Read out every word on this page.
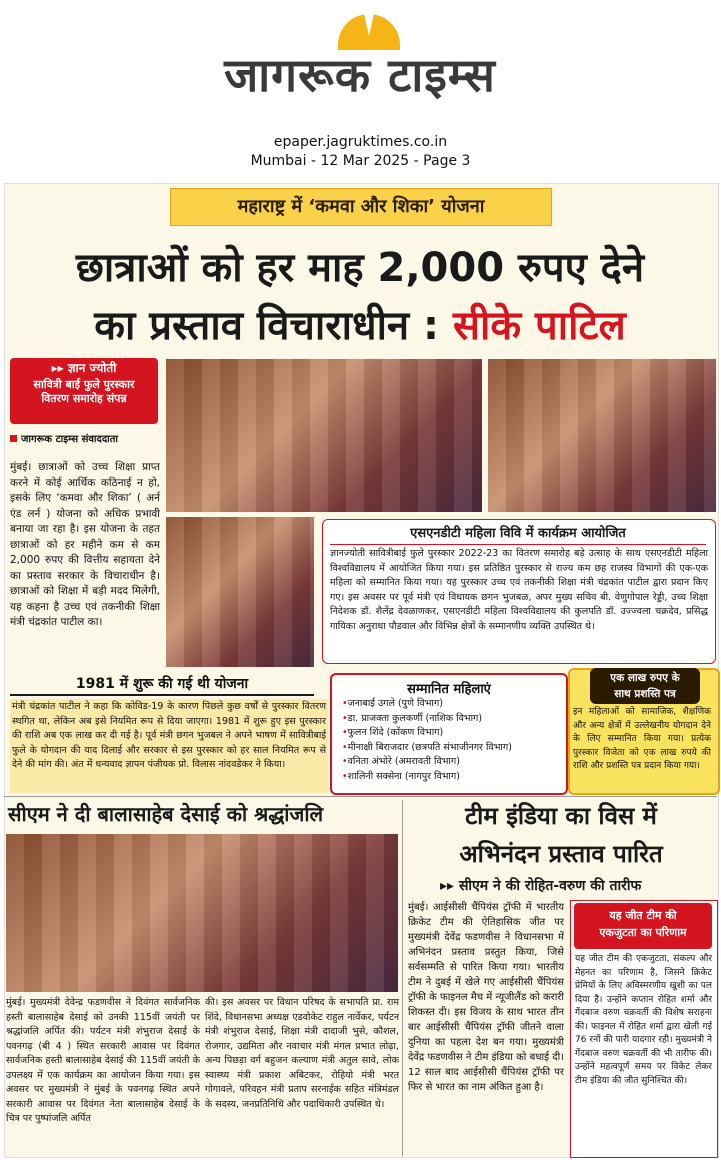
जागरूक टाइम्स
epaper.jagruktimes.co.in
Mumbai - 12 Mar 2025 - Page 3
महाराष्ट्र में ‘कमवा और शिका’ योजना
छात्राओं को हर माह 2,000 रुपए देने
का प्रस्ताव विचाराधीन : सीके पाटिल
▸▸ ज्ञान ज्योती
सावित्री बाई फुले पुरस्कार
वितरण समारोह संपन्न
जागरूक टाइम्स संवाददाता
मुंबई। छात्राओं को उच्च शिक्षा प्राप्त करने में कोई आर्थिक कठिनाई न हो, इसके लिए ‘कमवा और शिका’ ( अर्न एंड लर्न ) योजना को अधिक प्रभावी बनाया जा रहा है। इस योजना के तहत छात्राओं को हर महीने कम से कम 2,000 रुपए की वित्तीय सहायता देने का प्रस्ताव सरकार के विचाराधीन है। छात्राओं को शिक्षा में बड़ी मदद मिलेगी, यह कहना है उच्च एवं तकनीकी शिक्षा मंत्री चंद्रकांत पाटील का।
एसएनडीटी महिला विवि में कार्यक्रम आयोजित
ज्ञानज्योती सावित्रीबाई फुले पुरस्कार 2022-23 का वितरण समारोह बड़े उत्साह के साथ एसएनडीटी महिला विश्वविद्यालय में आयोजित किया गया। इस प्रतिष्ठित पुरस्कार से राज्य कम छह राजस्व विभागों की एक-एक महिला को सम्मानित किया गया। यह पुरस्कार उच्च एवं तकनीकी शिक्षा मंत्री चंद्रकांत पाटील द्वारा प्रदान किए गए। इस अवसर पर पूर्व मंत्री एवं विधायक छगन भुजबळ, अपर मुख्य सचिव बी. वेणुगोपाल रेड्डी, उच्च शिक्षा निदेशक डॉ. शैलेंद्र देवळाणकर, एसएनडीटी महिला विश्वविद्यालय की कुलपति डॉ. उज्ज्वला चक्रदेव, प्रसिद्ध गायिका अनुराधा पौडवाल और विभिन्न क्षेत्रों के सम्मानणीय व्यक्ति उपस्थित थे।
1981 में शुरू की गई थी योजना
मंत्री चंद्रकांत पाटील ने कहा कि कोविड-19 के कारण पिछले कुछ वर्षों से पुरस्कार वितरण स्थगित था, लेकिन अब इसे नियमित रूप से दिया जाएगा। 1981 में शुरू हुए इस पुरस्कार की राशि अब एक लाख कर दी गई है। पूर्व मंत्री छगन भुजबल ने अपने भाषण में सावित्रीबाई फुले के योगदान की याद दिलाई और सरकार से इस पुरस्कार को हर साल नियमित रूप से देने की मांग की। अंत में धन्यवाद ज्ञापन पंजीयक प्रो. विलास नांदवडेकर ने किया।
सम्मानित महिलाएं
• जनाबाई उगले (पुणे विभाग)
• डा. प्राजक्ता कुलकर्णी (नाशिक विभाग)
• फुलन शिंदे (कोंकण विभाग)
• मीनाक्षी बिराजदार (छत्रपति संभाजीनगर विभाग)
• वनिता अंभोरे (अमरावती विभाग)
• शालिनी सक्सेना (नागपुर विभाग)
एक लाख रुपए के
साथ प्रशस्ति पत्र
इन महिलाओं को सामाजिक, शैक्षणिक और अन्य क्षेत्रों में उल्लेखनीय योगदान देने के लिए सम्मानित किया गया। प्रत्येक पुरस्कार विजेता को एक लाख रुपये की राशि और प्रशस्ति पत्र प्रदान किया गया।
सीएम ने दी बालासाहेब देसाई को श्रद्धांजलि
मुंबई। मुख्यमंत्री देवेन्द्र फडणवीस ने दिवंगत सार्वजनिक हस्ती बालासाहेब देसाई को उनकी 115वीं जयंती पर श्रद्धांजलि अर्पित की। पर्यटन मंत्री शंभुराज देसाई के पवनगढ़ (बी 4 ) स्थित सरकारी आवास पर दिवंगत सार्वजनिक हस्ती बालासाहेब देसाई की 115वीं जयंती के उपलक्ष्य में एक कार्यक्रम का आयोजन किया गया। इस अवसर पर मुख्यमंत्री ने मुंबई के पवनगढ़ स्थित अपने सरकारी आवास पर दिवंगत नेता बालासाहेब देसाई के चित्र पर पुष्पांजलि अर्पित
की। इस अवसर पर विधान परिषद के सभापति प्रा. राम शिंदे, विधानसभा अध्यक्ष एडवोकेट राहुल नार्वेकर, पर्यटन मंत्री शंभुराज देसाई, शिक्षा मंत्री दादाजी भुसे, कौशल, रोजगार, उद्यमिता और नवाचार मंत्री मंगल प्रभात लोढ़ा, अन्य पिछड़ा वर्ग बहुजन कल्याण मंत्री अतुल सावे, लोक स्वास्थ्य मंत्री प्रकाश अबिटकर, रोहियो मंत्री भरत गोगावले, परिवहन मंत्री प्रताप सरनाईक सहित मंत्रिमंडल के सदस्य, जनप्रतिनिधि और पदाधिकारी उपस्थित थे।
टीम इंडिया का विस में
अभिनंदन प्रस्ताव पारित
▸▸ सीएम ने की रोहित-वरुण की तारीफ
मुंबई। आईसीसी चैंपियंस ट्रॉफी में भारतीय क्रिकेट टीम की ऐतिहासिक जीत पर मुख्यमंत्री देवेंद्र फडणवीस ने विधानसभा में अभिनंदन प्रस्ताव प्रस्तुत किया, जिसे सर्वसम्मति से पारित किया गया। भारतीय टीम ने दुबई में खेले गए आईसीसी चैंपियंस ट्रॉफी के फाइनल मैच में न्यूजीलैंड को करारी शिकस्त दी। इस विजय के साथ भारत तीन बार आईसीसी चैंपियंस ट्रॉफी जीतने वाला दुनिया का पहला देश बन गया। मुख्यमंत्री देवेंद्र फडणवीस ने टीम इंडिया को बधाई दी। 12 साल बाद आईसीसी चैंपियंस ट्रॉफी पर फिर से भारत का नाम अंकित हुआ है।
यह जीत टीम की
एकजुटता का परिणाम
यह जीत टीम की एकजुटता, संकल्प और मेहनत का परिणाम है, जिसने क्रिकेट प्रेमियों के लिए अविस्मरणीय खुशी का पल दिया है। उन्होंने कप्तान रोहित शर्मा और गेंदबाज वरुण चक्रवर्ती की विशेष सराहना की। फाइनल में रोहित शर्मा द्वारा खेली गई 76 रनों की पारी यादगार रही। मुख्यमंत्री ने गेंदबाज वरुण चक्रवर्ती की भी तारीफ की। उन्होंने महत्वपूर्ण समय पर विकेट लेकर टीम इंडिया की जीत सुनिश्चित की।
